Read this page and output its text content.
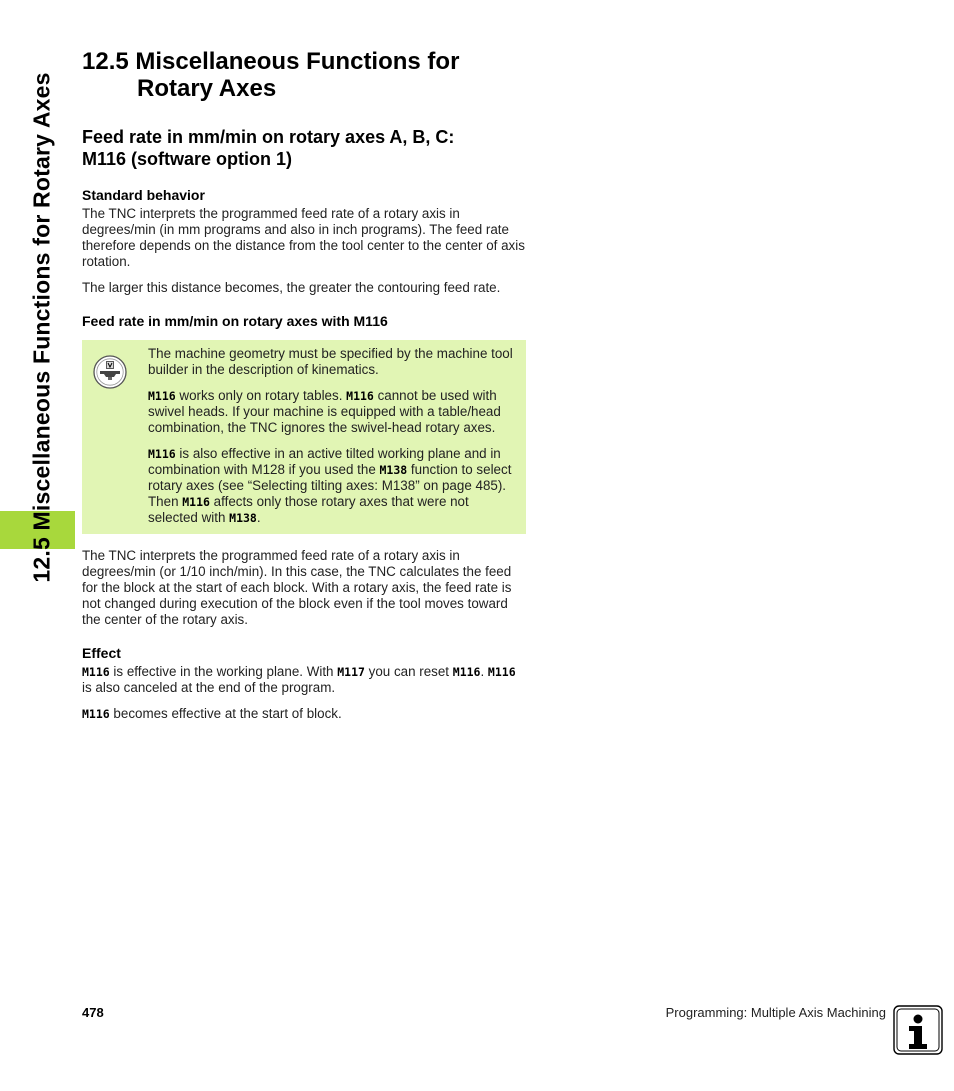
12.5 Miscellaneous Functions for Rotary Axes
12.5 Miscellaneous Functions for
Rotary Axes
Feed rate in mm/min on rotary axes A, B, C:
M116 (software option 1)
Standard behavior

The TNC interprets the programmed feed rate of a rotary axis in degrees/min (in mm programs and also in inch programs). The feed rate therefore depends on the distance from the tool center to the center of axis rotation.

The larger this distance becomes, the greater the contouring feed rate.

Feed rate in mm/min on rotary axes with M116

The machine geometry must be specified by the machine tool builder in the description of kinematics.

M116 works only on rotary tables. M116 cannot be used with swivel heads. If your machine is equipped with a table/head combination, the TNC ignores the swivel-head rotary axes.

M116 is also effective in an active tilted working plane and in combination with M128 if you used the M138 function to select rotary axes (see “Selecting tilting axes: M138” on page 485). Then M116 affects only those rotary axes that were not selected with M138.

The TNC interprets the programmed feed rate of a rotary axis in degrees/min (or 1/10 inch/min). In this case, the TNC calculates the feed for the block at the start of each block. With a rotary axis, the feed rate is not changed during execution of the block even if the tool moves toward the center of the rotary axis.

Effect

M116 is effective in the working plane. With M117 you can reset M116. M116 is also canceled at the end of the program.

M116 becomes effective at the start of block.

478	Programming: Multiple Axis Machining
